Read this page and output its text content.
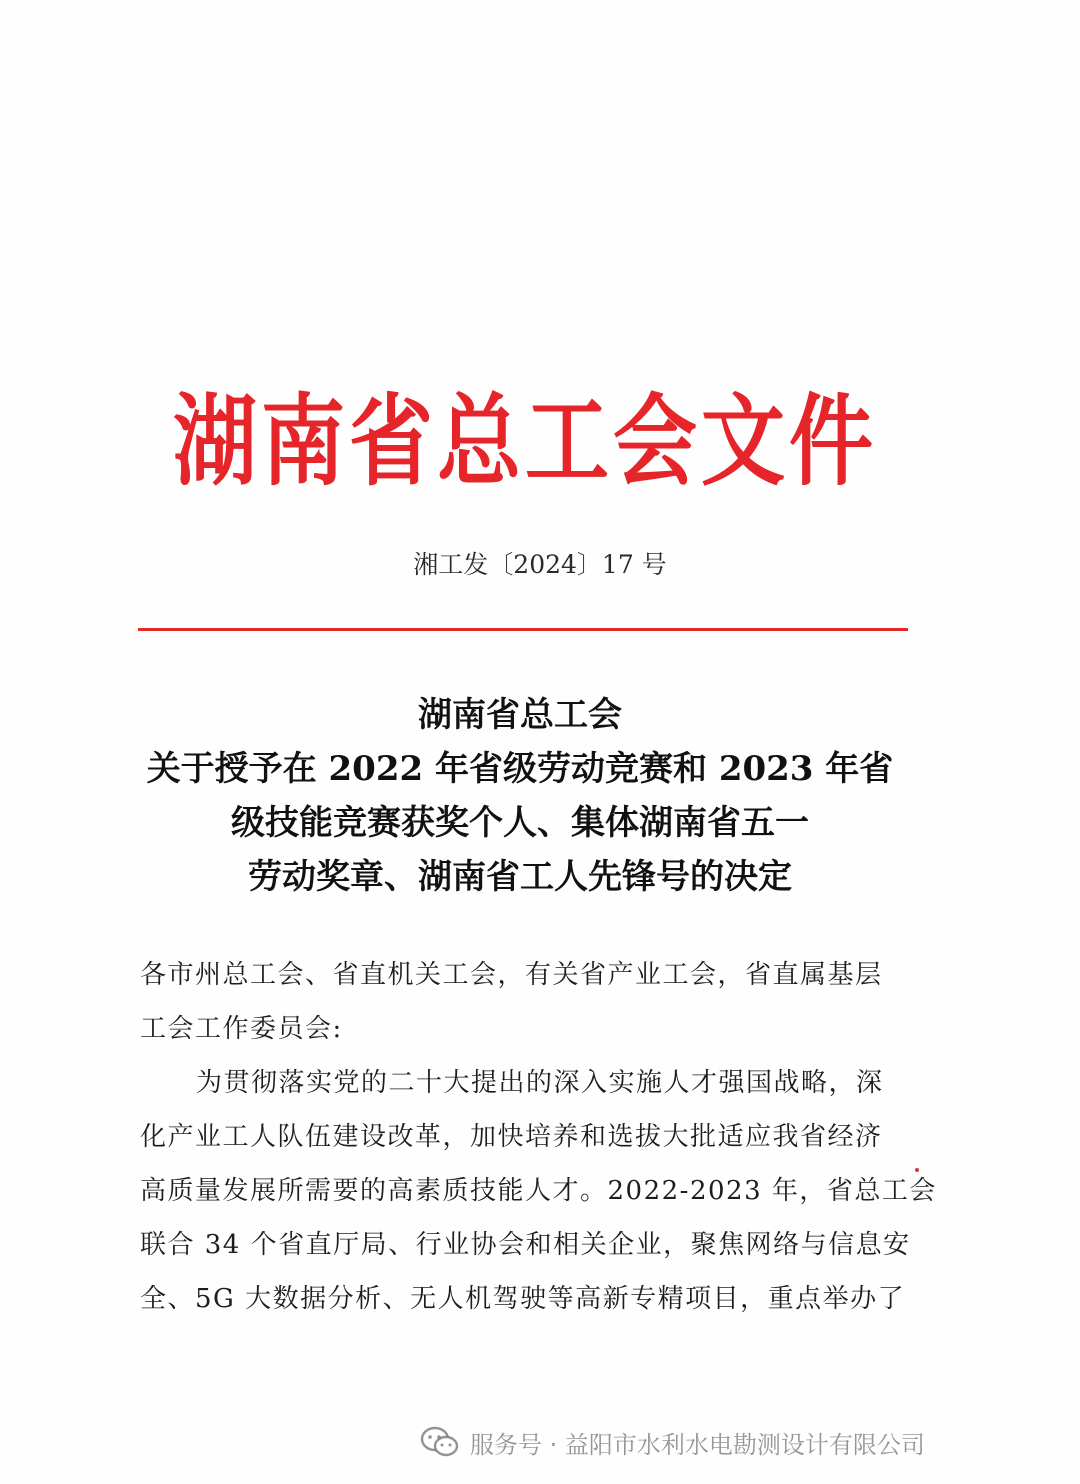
湖南省总工会文件
湘工发〔2024〕17 号
湖南省总工会
关于授予在 2022 年省级劳动竞赛和 2023 年省
级技能竞赛获奖个人、集体湖南省五一
劳动奖章、湖南省工人先锋号的决定
各市州总工会、省直机关工会，有关省产业工会，省直属基层
工会工作委员会:
为贯彻落实党的二十大提出的深入实施人才强国战略，深
化产业工人队伍建设改革，加快培养和选拔大批适应我省经济
高质量发展所需要的高素质技能人才。2022-2023 年，省总工会
联合 34 个省直厅局、行业协会和相关企业，聚焦网络与信息安
全、5G 大数据分析、无人机驾驶等高新专精项目，重点举办了
服务号 · 益阳市水利水电勘测设计有限公司
